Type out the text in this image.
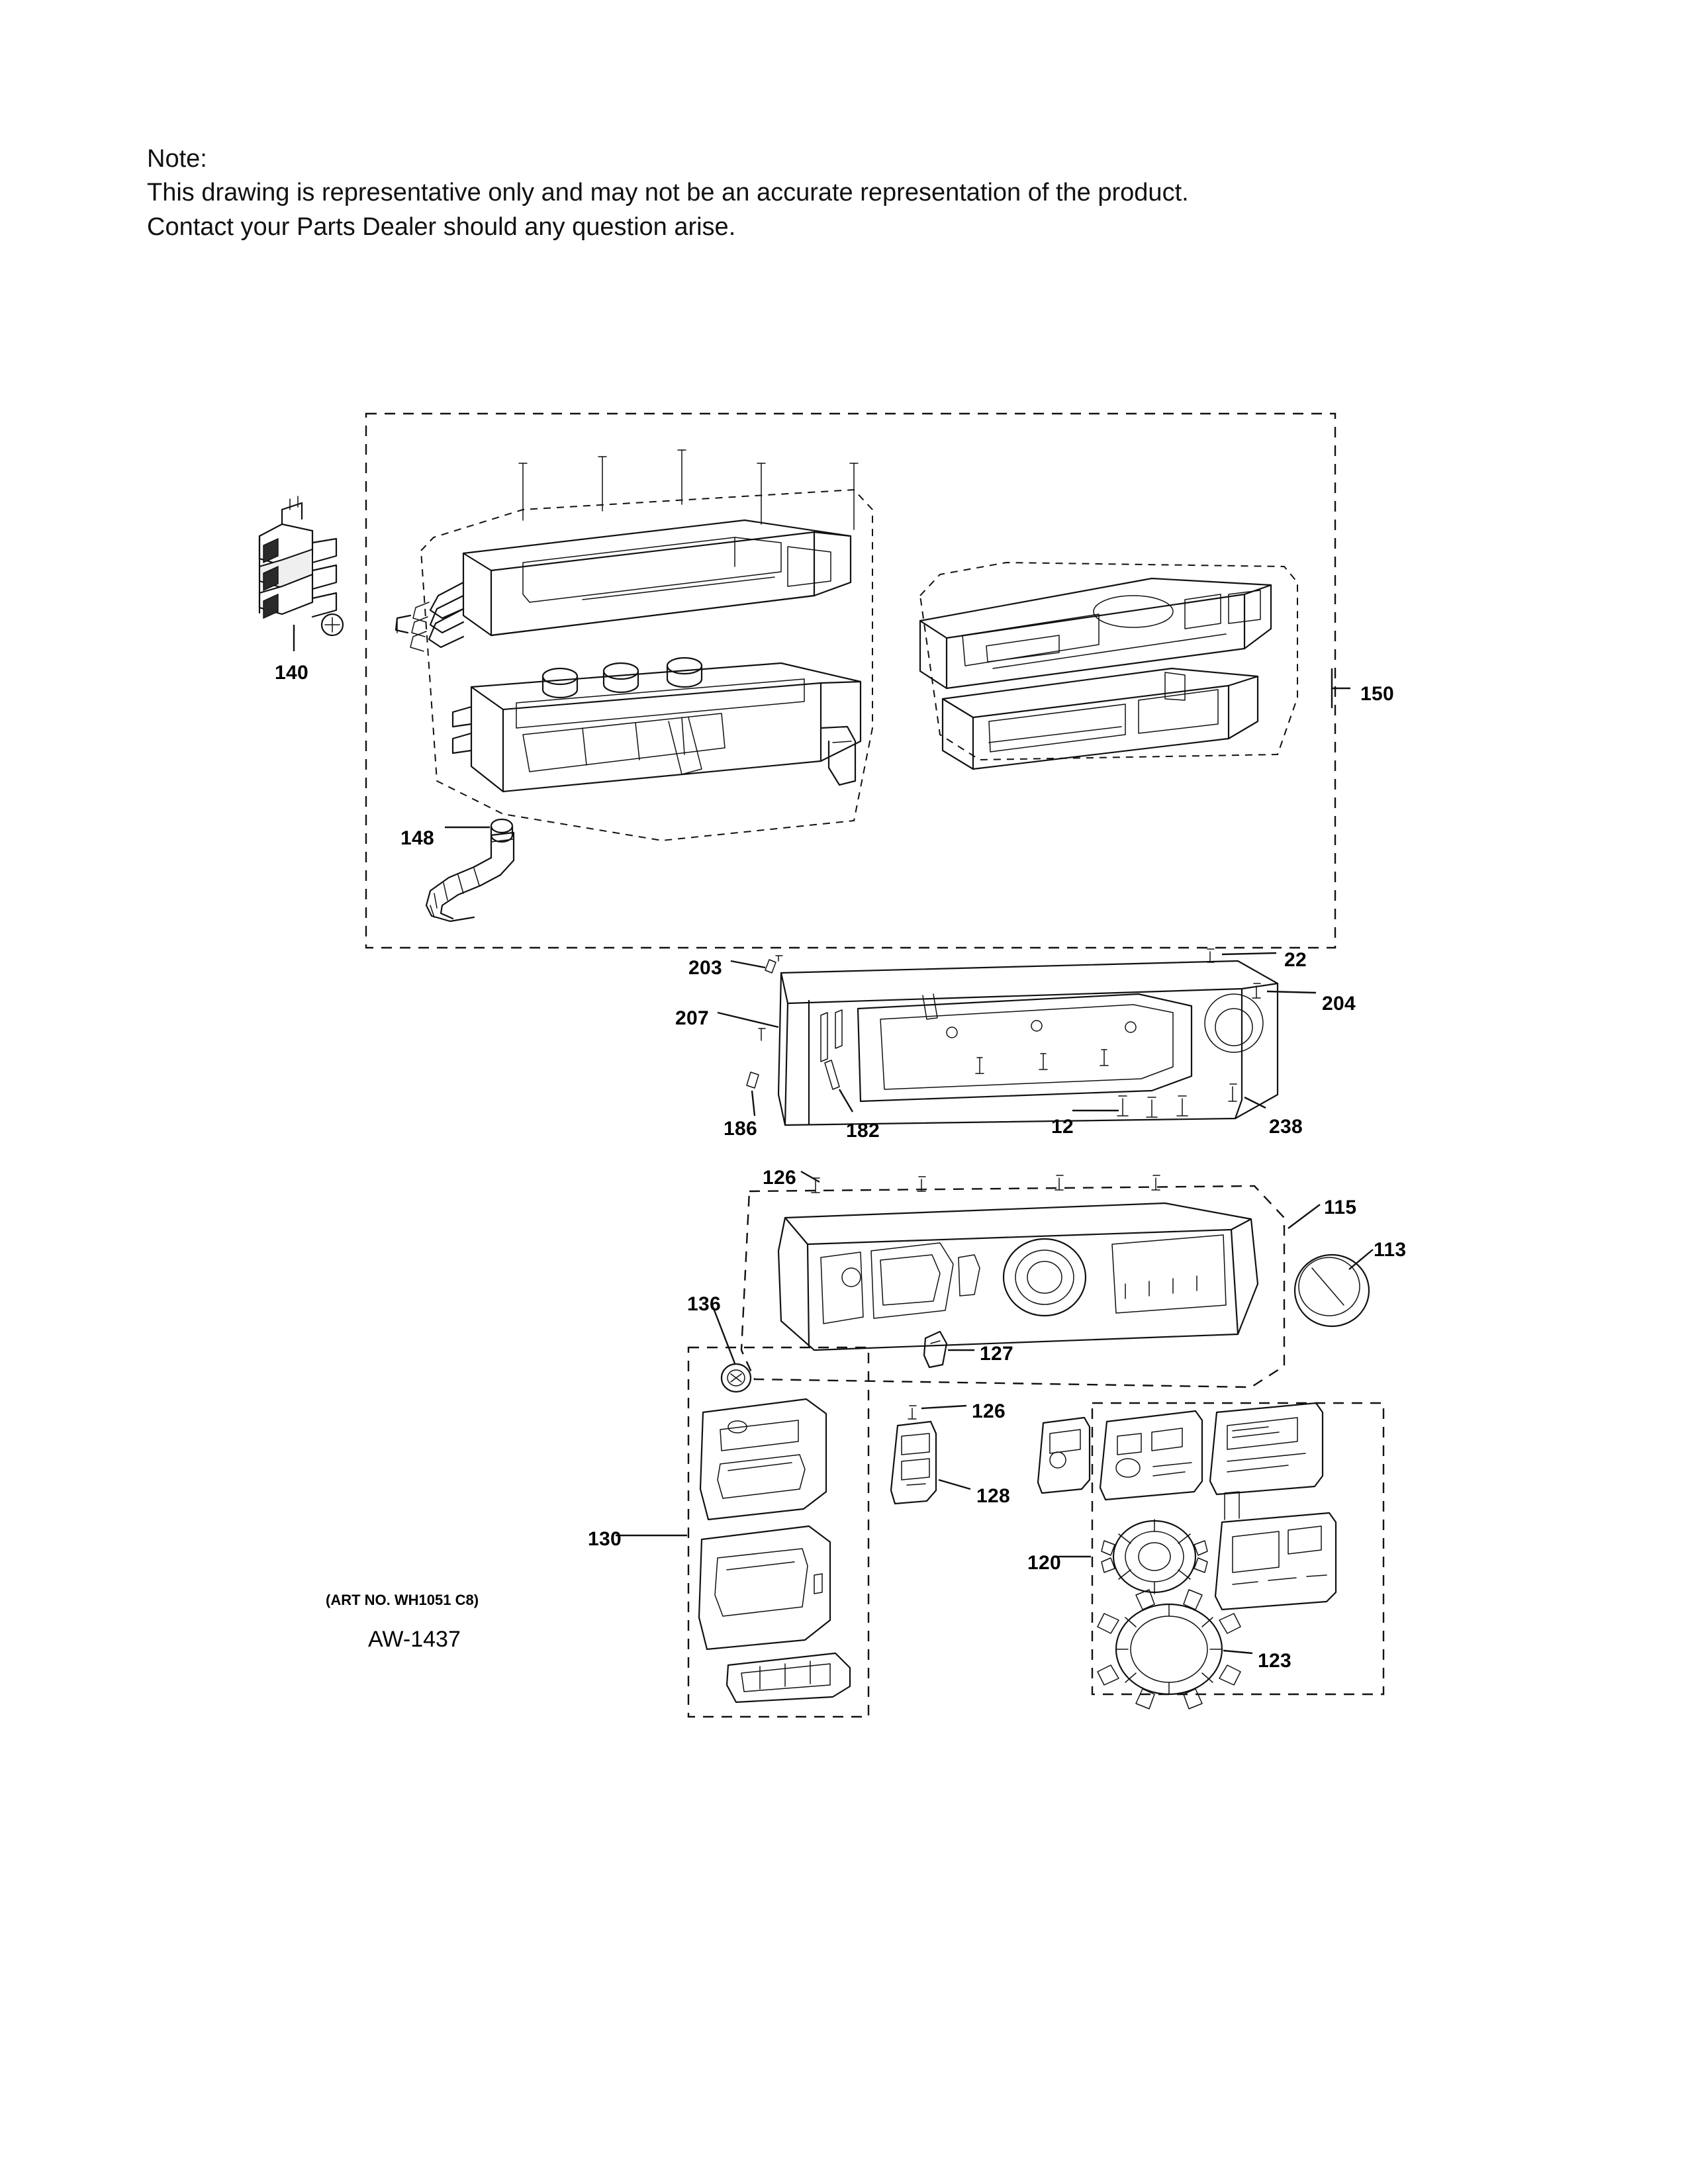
Note:
This drawing is representative only and may not be an accurate representation of the product.
Contact your Parts Dealer should any question arise.
140
150
148
203	22
204
207
186	182	12	238
126
115
113
136
127
126
128
120
130
123
(ART NO. WH1051 C8)
AW-1437
